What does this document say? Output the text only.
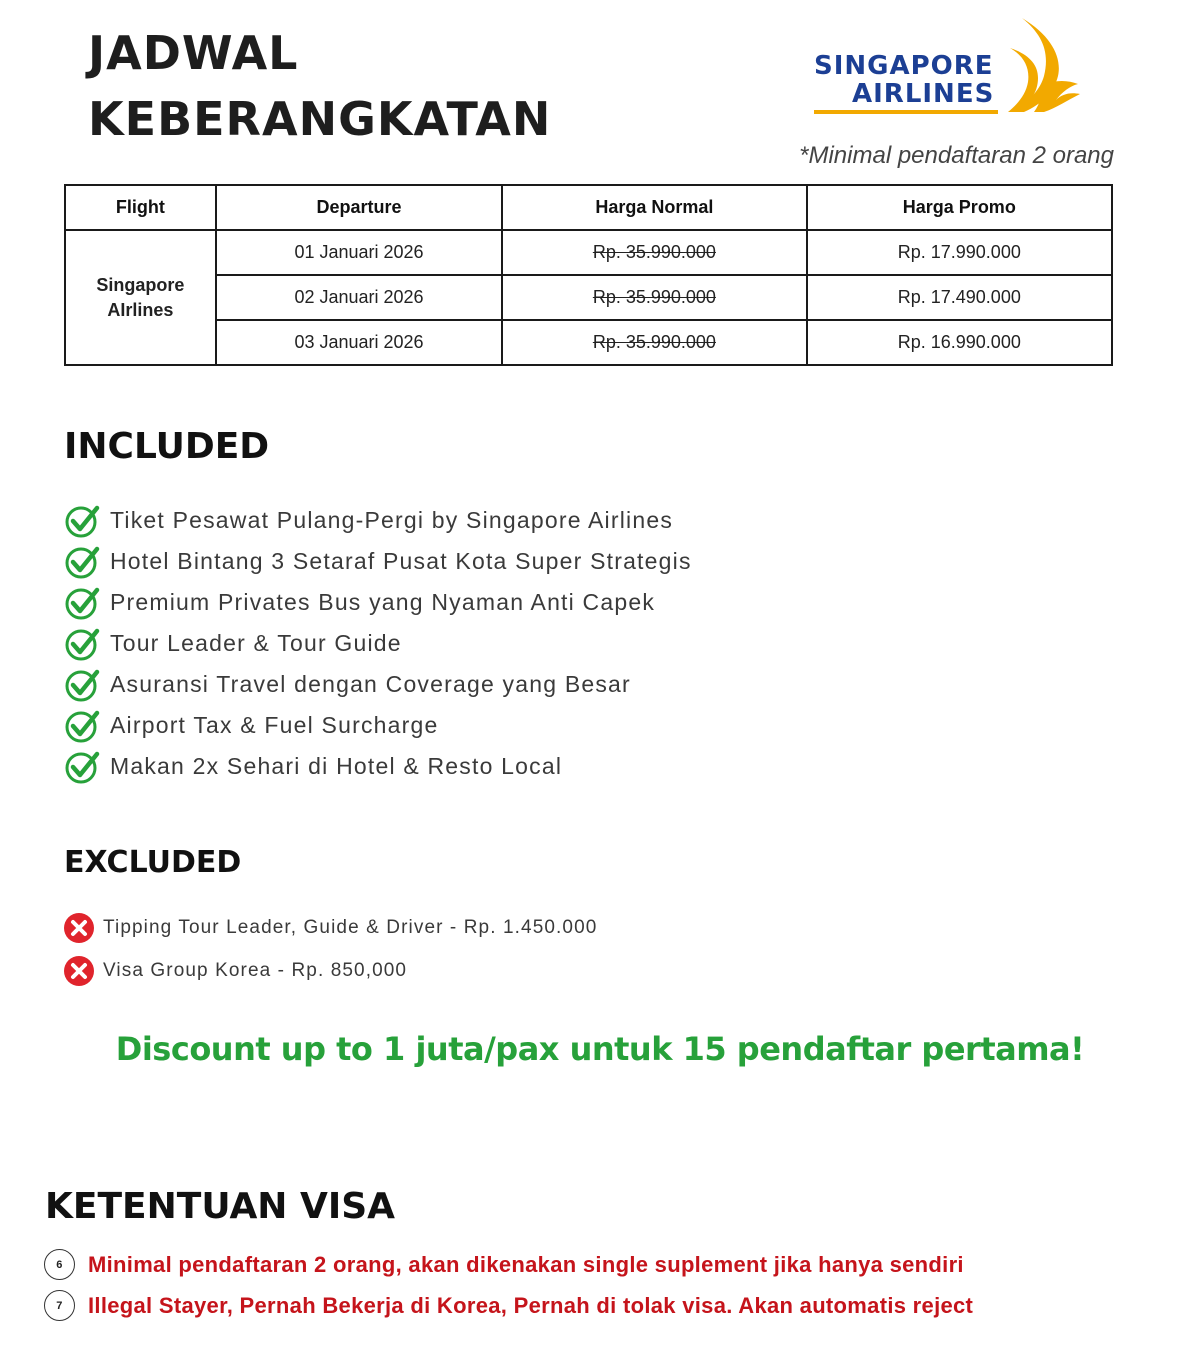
JADWAL
KEBERANGKATAN
SINGAPORE
AIRLINES
*Minimal pendaftaran 2 orang
Flight	Departure	Harga Normal	Harga Promo

Singapore
AIrlines	01 Januari 2026	Rp. 35.990.000	Rp. 17.990.000
	02 Januari 2026	Rp. 35.990.000	Rp. 17.490.000
	03 Januari 2026	Rp. 35.990.000	Rp. 16.990.000
INCLUDED
Tiket Pesawat Pulang-Pergi by Singapore Airlines
Hotel Bintang 3 Setaraf Pusat Kota Super Strategis
Premium Privates Bus yang Nyaman Anti Capek
Tour Leader & Tour Guide
Asuransi Travel dengan Coverage yang Besar
Airport Tax & Fuel Surcharge
Makan 2x Sehari di Hotel & Resto Local
EXCLUDED
Tipping Tour Leader, Guide & Driver - Rp. 1.450.000
Visa Group Korea - Rp. 850,000
Discount up to 1 juta/pax untuk 15 pendaftar pertama!
KETENTUAN VISA
6	Minimal pendaftaran 2 orang, akan dikenakan single suplement jika hanya sendiri
7	Illegal Stayer, Pernah Bekerja di Korea, Pernah di tolak visa. Akan automatis reject
